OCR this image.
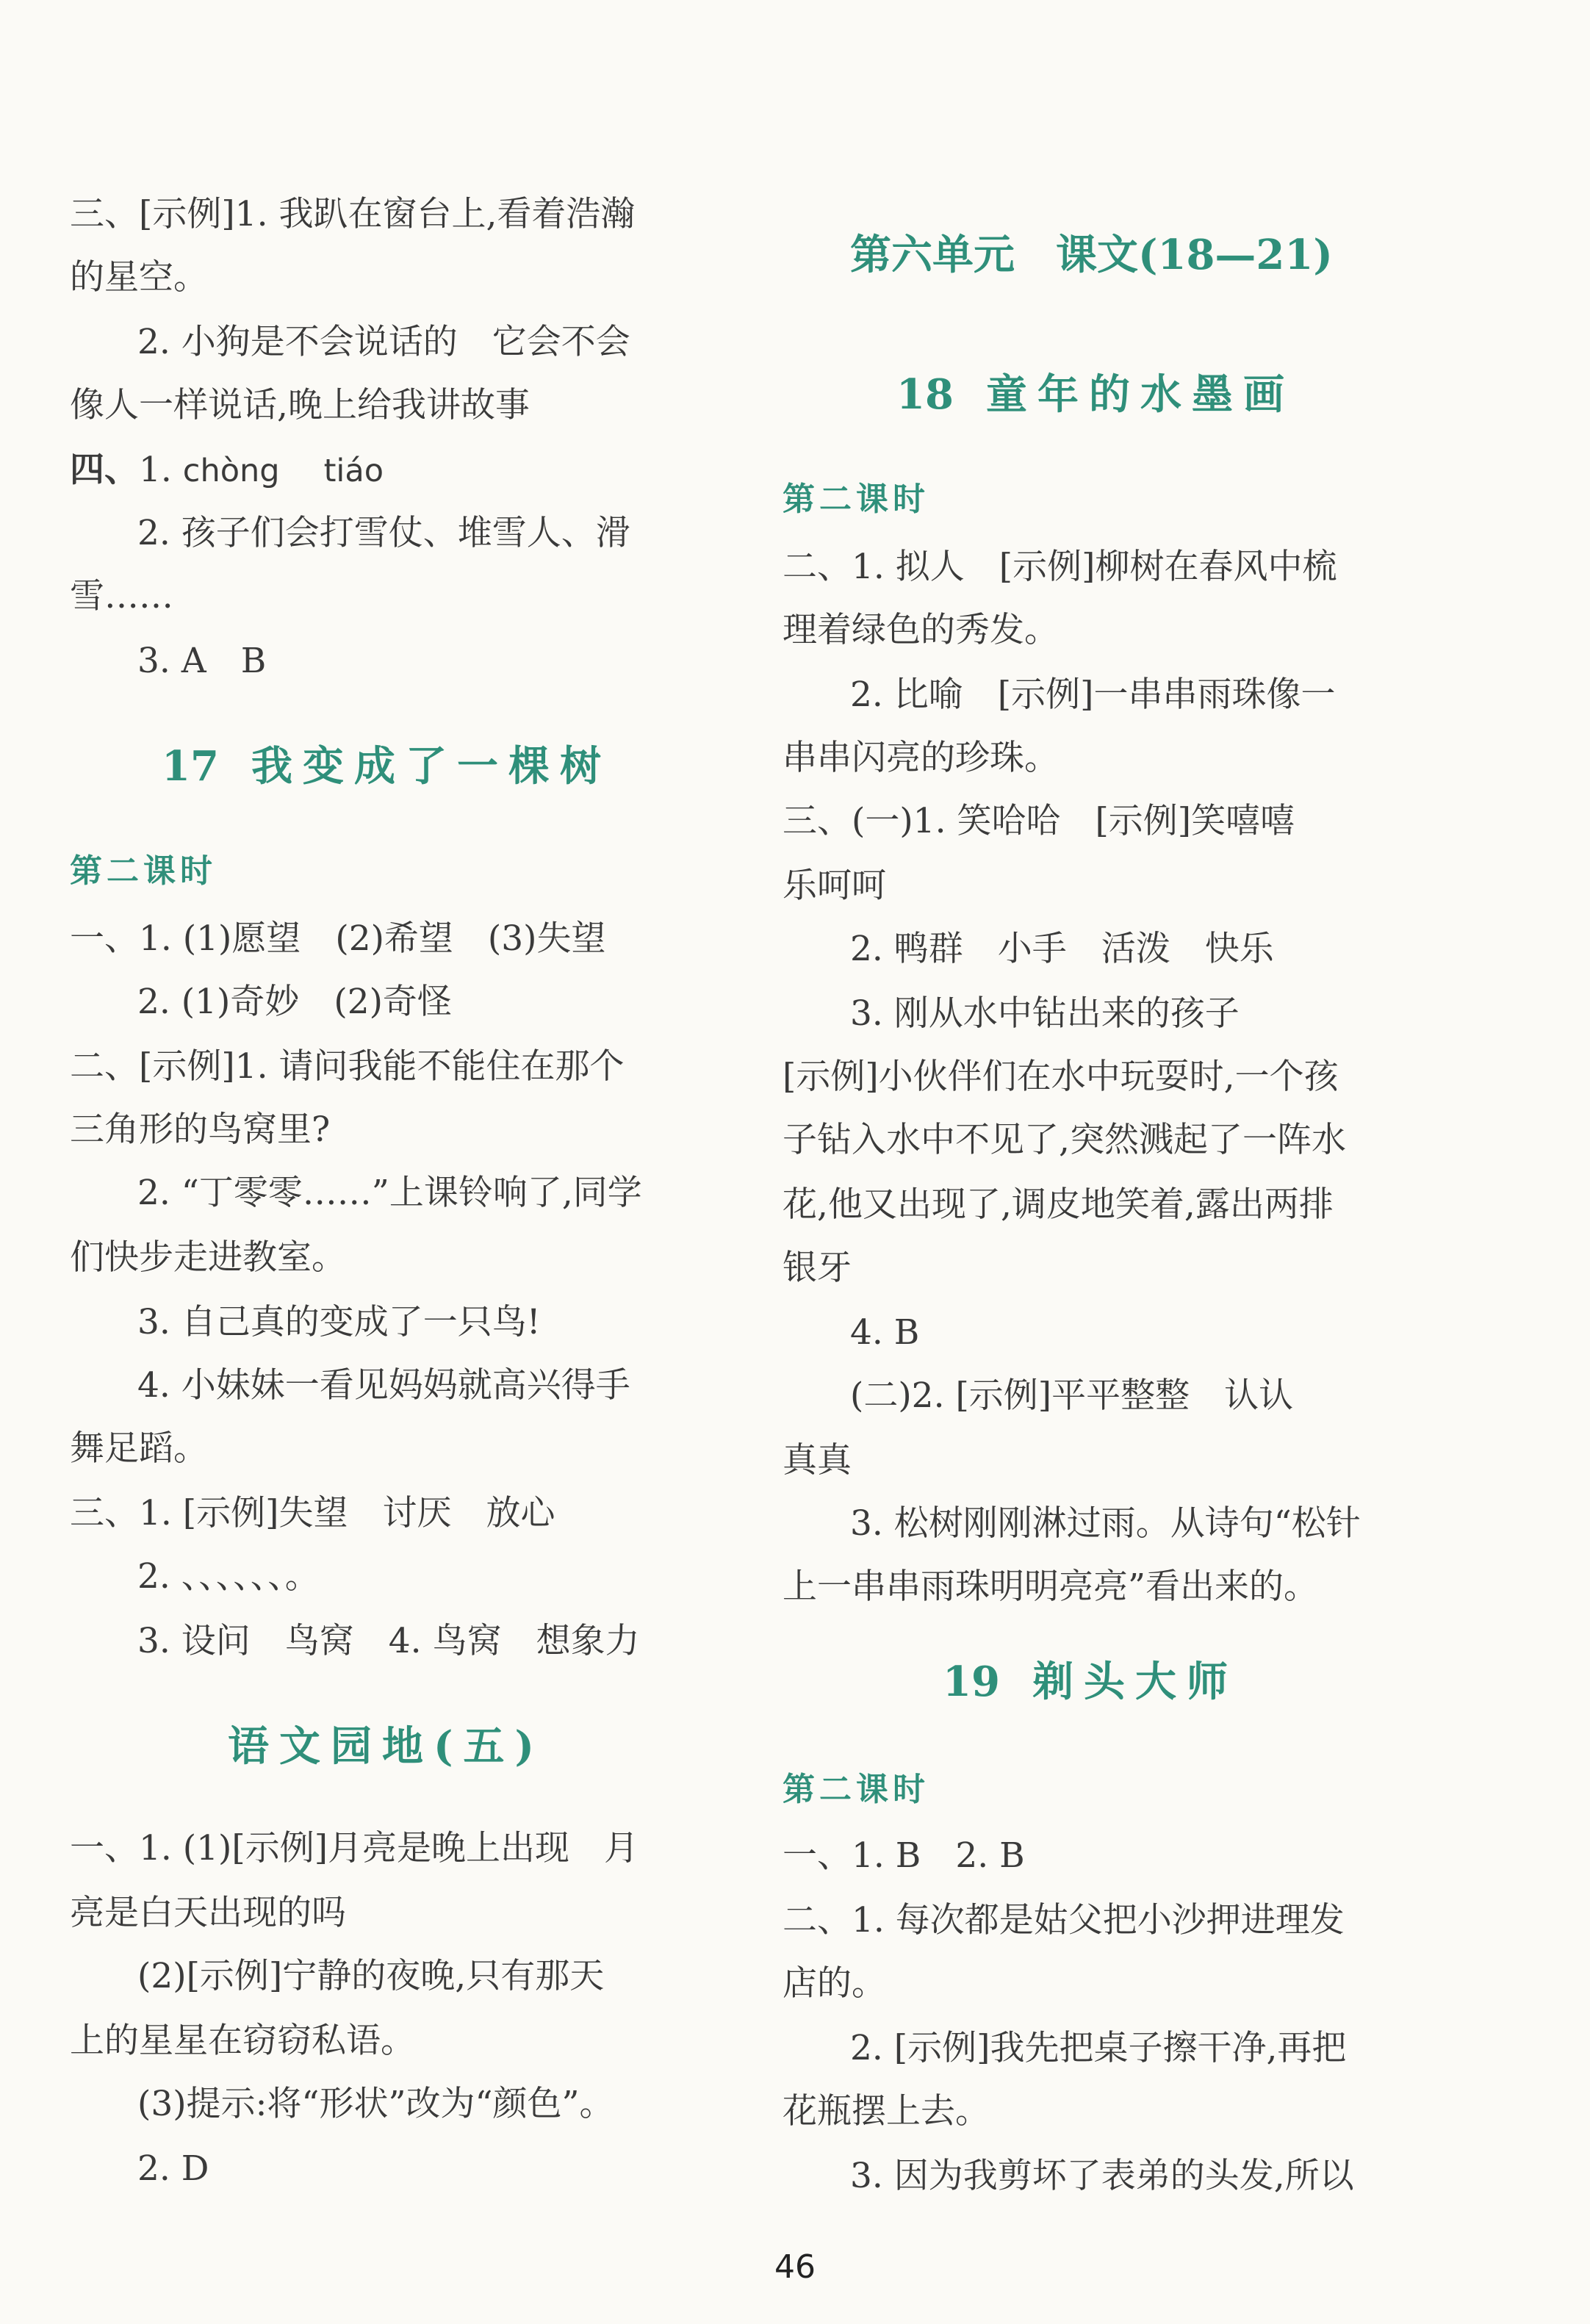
三、[示例]1. 我趴在窗台上,看着浩瀚
的星空。
2. 小狗是不会说话的　它会不会
像人一样说话,晚上给我讲故事
四、1. chòng tiáo
2. 孩子们会打雪仗、堆雪人、滑
雪……
3. A　B
17 我变成了一棵树
第二课时
一、1. (1)愿望　(2)希望　(3)失望
2. (1)奇妙　(2)奇怪
二、[示例]1. 请问我能不能住在那个
三角形的鸟窝里?
2. “丁零零……”上课铃响了,同学
们快步走进教室。
3. 自己真的变成了一只鸟!
4. 小妹妹一看见妈妈就高兴得手
舞足蹈。
三、1. [示例]失望　讨厌　放心
2. 、、、、、、。
3. 设问　鸟窝　4. 鸟窝　想象力
语文园地(五)
一、1. (1)[示例]月亮是晚上出现　月
亮是白天出现的吗
(2)[示例]宁静的夜晚,只有那天
上的星星在窃窃私语。
(3)提示:将“形状”改为“颜色”。
2. D
第六单元 课文(18—21)
18 童年的水墨画
第二课时
二、1. 拟人　[示例]柳树在春风中梳
理着绿色的秀发。
2. 比喻　[示例]一串串雨珠像一
串串闪亮的珍珠。
三、(一)1. 笑哈哈　[示例]笑嘻嘻
乐呵呵
2. 鸭群　小手　活泼　快乐
3. 刚从水中钻出来的孩子
[示例]小伙伴们在水中玩耍时,一个孩
子钻入水中不见了,突然溅起了一阵水
花,他又出现了,调皮地笑着,露出两排
银牙
4. B
(二)2. [示例]平平整整　认认
真真
3. 松树刚刚淋过雨。从诗句“松针
上一串串雨珠明明亮亮”看出来的。
19 剃头大师
第二课时
一、1. B　2. B
二、1. 每次都是姑父把小沙押进理发
店的。
2. [示例]我先把桌子擦干净,再把
花瓶摆上去。
3. 因为我剪坏了表弟的头发,所以
46
